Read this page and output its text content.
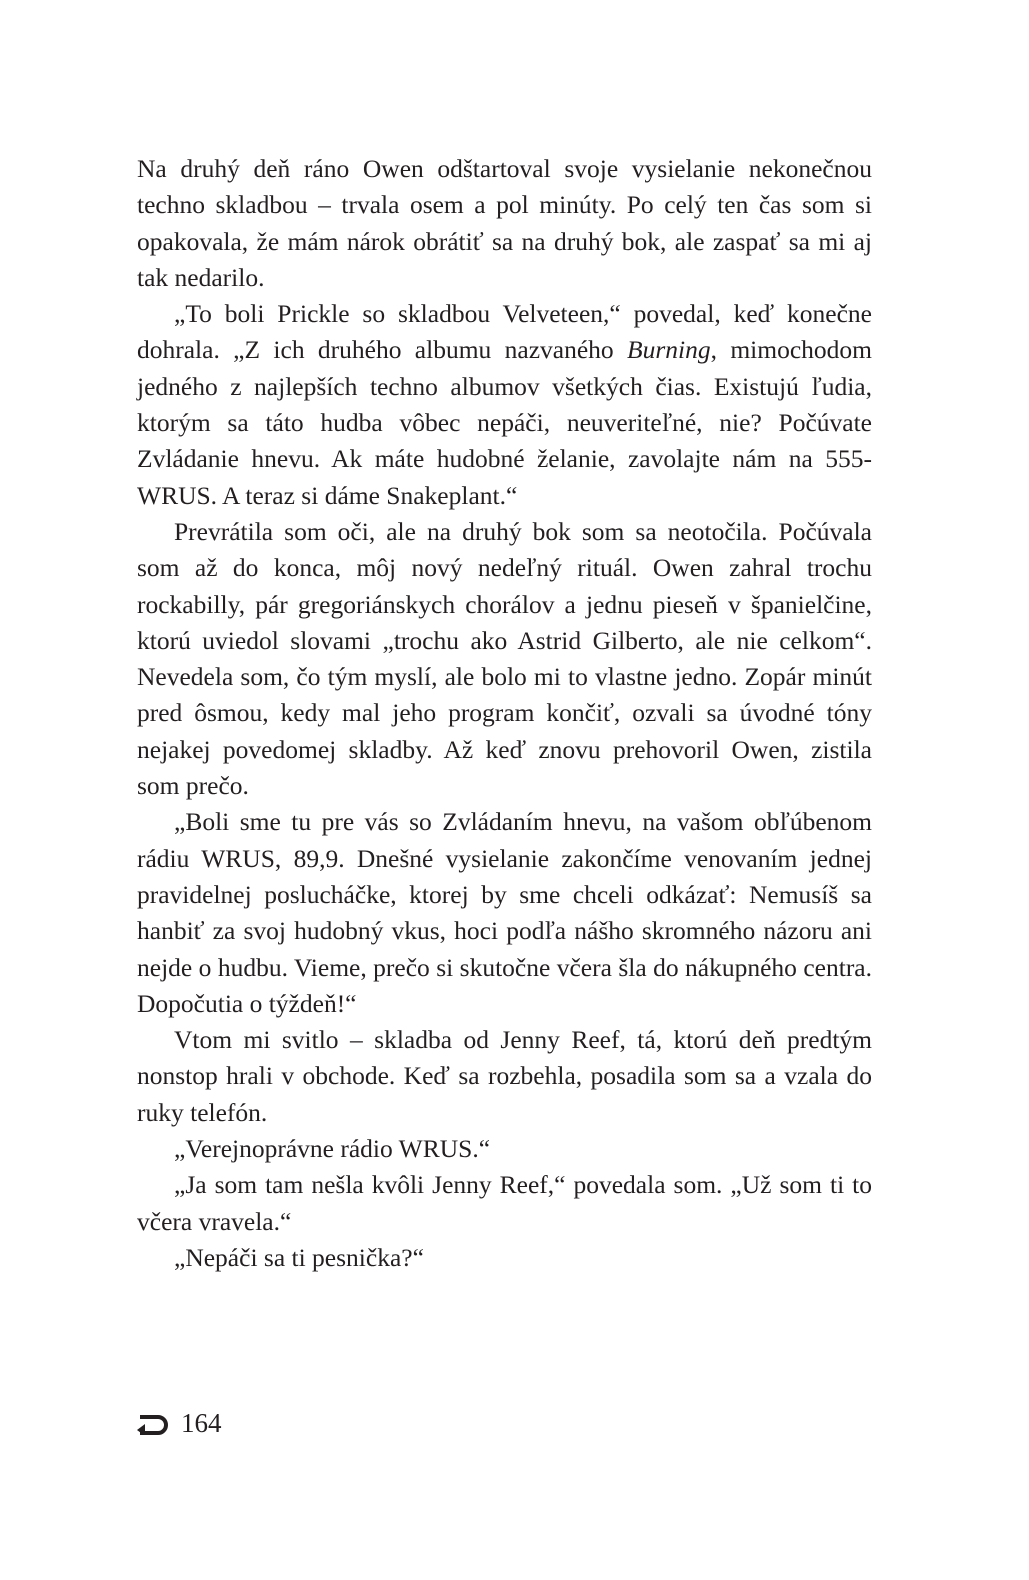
Na druhý deň ráno Owen odštartoval svoje vysielanie nekonečnou techno skladbou – trvala osem a pol minúty. Po celý ten čas som si opakovala, že mám nárok obrátiť sa na druhý bok, ale zaspať sa mi aj tak nedarilo.

„To boli Prickle so skladbou Velveteen,“ povedal, keď konečne dohrala. „Z ich druhého albumu nazvaného Burning, mimochodom jedného z najlepších techno albumov všetkých čias. Existujú ľudia, ktorým sa táto hudba vôbec nepáči, neuveriteľné, nie? Počúvate Zvládanie hnevu. Ak máte hudobné želanie, zavolajte nám na 555-WRUS. A teraz si dáme Snakeplant.“

Prevrátila som oči, ale na druhý bok som sa neotočila. Počúvala som až do konca, môj nový nedeľný rituál. Owen zahral trochu rockabilly, pár gregoriánskych chorálov a jednu pieseň v španielčine, ktorú uviedol slovami „trochu ako Astrid Gilberto, ale nie celkom“. Nevedela som, čo tým myslí, ale bolo mi to vlastne jedno. Zopár minút pred ôsmou, kedy mal jeho program končiť, ozvali sa úvodné tóny nejakej povedomej skladby. Až keď znovu prehovoril Owen, zistila som prečo.

„Boli sme tu pre vás so Zvládaním hnevu, na vašom obľúbenom rádiu WRUS, 89,9. Dnešné vysielanie zakončíme venovaním jednej pravidelnej poslucháčke, ktorej by sme chceli odkázať: Nemusíš sa hanbiť za svoj hudobný vkus, hoci podľa nášho skromného názoru ani nejde o hudbu. Vieme, prečo si skutočne včera šla do nákupného centra. Dopočutia o týždeň!“

Vtom mi svitlo – skladba od Jenny Reef, tá, ktorú deň predtým nonstop hrali v obchode. Keď sa rozbehla, posadila som sa a vzala do ruky telefón.

„Verejnoprávne rádio WRUS.“

„Ja som tam nešla kvôli Jenny Reef,“ povedala som. „Už som ti to včera vravela.“

„Nepáči sa ti pesnička?“

164
